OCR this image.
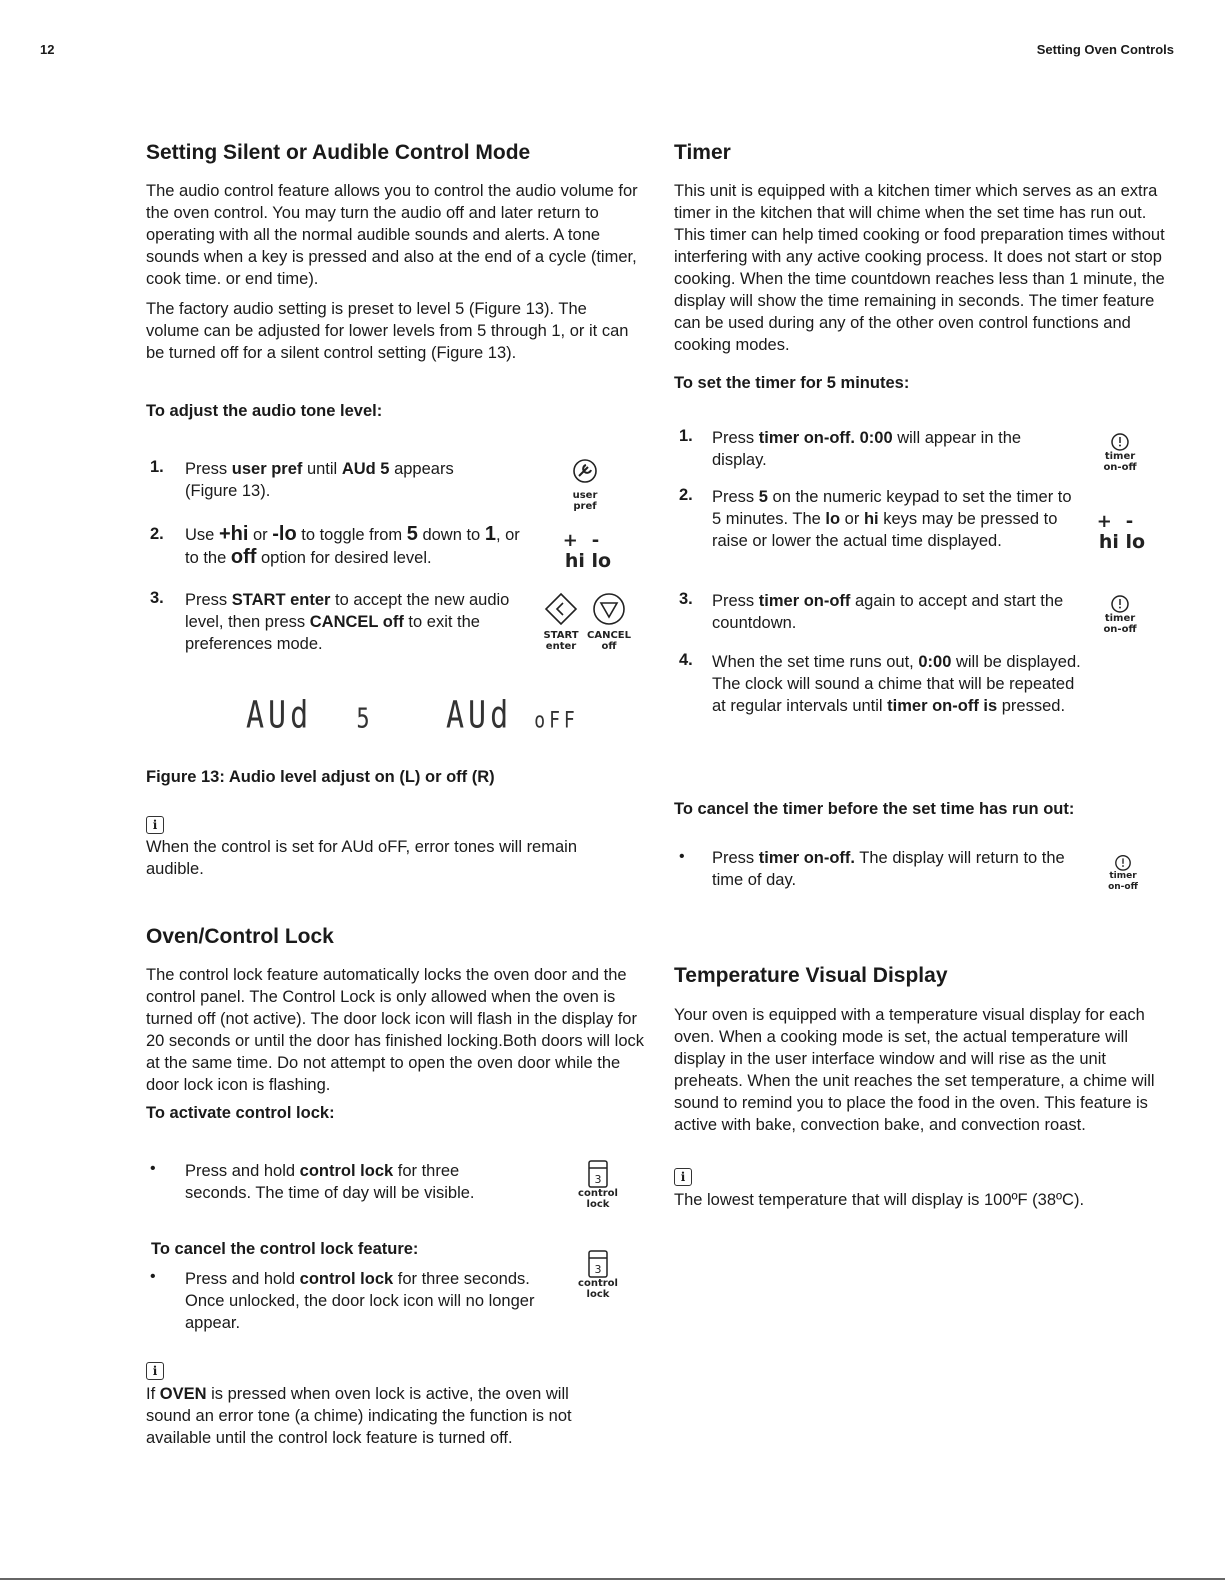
12	Setting Oven Controls
Setting Silent or Audible Control Mode

The audio control feature allows you to control the audio volume for the oven control. You may turn the audio off and later return to operating with all the normal audible sounds and alerts. A tone sounds when a key is pressed and also at the end of a cycle (timer, cook time. or end time).

The factory audio setting is preset to level 5 (Figure 13). The volume can be adjusted for lower levels from 5 through 1, or it can be turned off for a silent control setting (Figure 13).

To adjust the audio tone level:

1. Press user pref until AUd 5 appears (Figure 13).	user
pref
2. Use +hi or -lo to toggle from 5 down to 1, or to the off option for desired level.
+-
hi lo
3. Press START enter to accept the new audio level, then press CANCEL off to exit the preferences mode.	START
enter
CANCEL
off
AUd 5 AUd oFF

Figure 13: Audio level adjust on (L) or off (R)

i

When the control is set for AUd oFF, error tones will remain audible.

Oven/Control Lock

The control lock feature automatically locks the oven door and the control panel. The Control Lock is only allowed when the oven is turned off (not active). The door lock icon will flash in the display for 20 seconds or until the door has finished locking.Both doors will lock at the same time. Do not attempt to open the oven door while the door lock icon is flashing.

To activate control lock:

• Press and hold control lock for three seconds. The time of day will be visible.
3
control
lock

To cancel the control lock feature:

• Press and hold control lock for three seconds. Once unlocked, the door lock icon will no longer appear.
3
control
lock
i
If OVEN is pressed when oven lock is active, the oven will sound an error tone (a chime) indicating the function is not available until the control lock feature is turned off.
Timer

This unit is equipped with a kitchen timer which serves as an extra timer in the kitchen that will chime when the set time has run out. This timer can help timed cooking or food preparation times without interfering with any active cooking process. It does not start or stop cooking. When the time countdown reaches less than 1 minute, the display will show the time remaining in seconds. The timer feature can be used during any of the other oven control functions and cooking modes.

To set the timer for 5 minutes:

1. Press timer on-off. 0:00 will appear in the display.	timer
on-off
2. Press 5 on the numeric keypad to set the timer to 5 minutes. The lo or hi keys may be pressed to raise or lower the actual time displayed.
+-
hi lo
3. Press timer on-off again to accept and start the countdown.	timer
on-off
4. When the set time runs out, 0:00 will be displayed. The clock will sound a chime that will be repeated at regular intervals until timer on-off is pressed.

To cancel the timer before the set time has run out:

• Press timer on-off. The display will return to the time of day.	timer
on-off
Temperature Visual Display

Your oven is equipped with a temperature visual display for each oven. When a cooking mode is set, the actual temperature will display in the user interface window and will rise as the unit preheats. When the unit reaches the set temperature, a chime will sound to remind you to place the food in the oven. This feature is active with bake, convection bake, and convection roast.

i

The lowest temperature that will display is 100ºF (38ºC).
